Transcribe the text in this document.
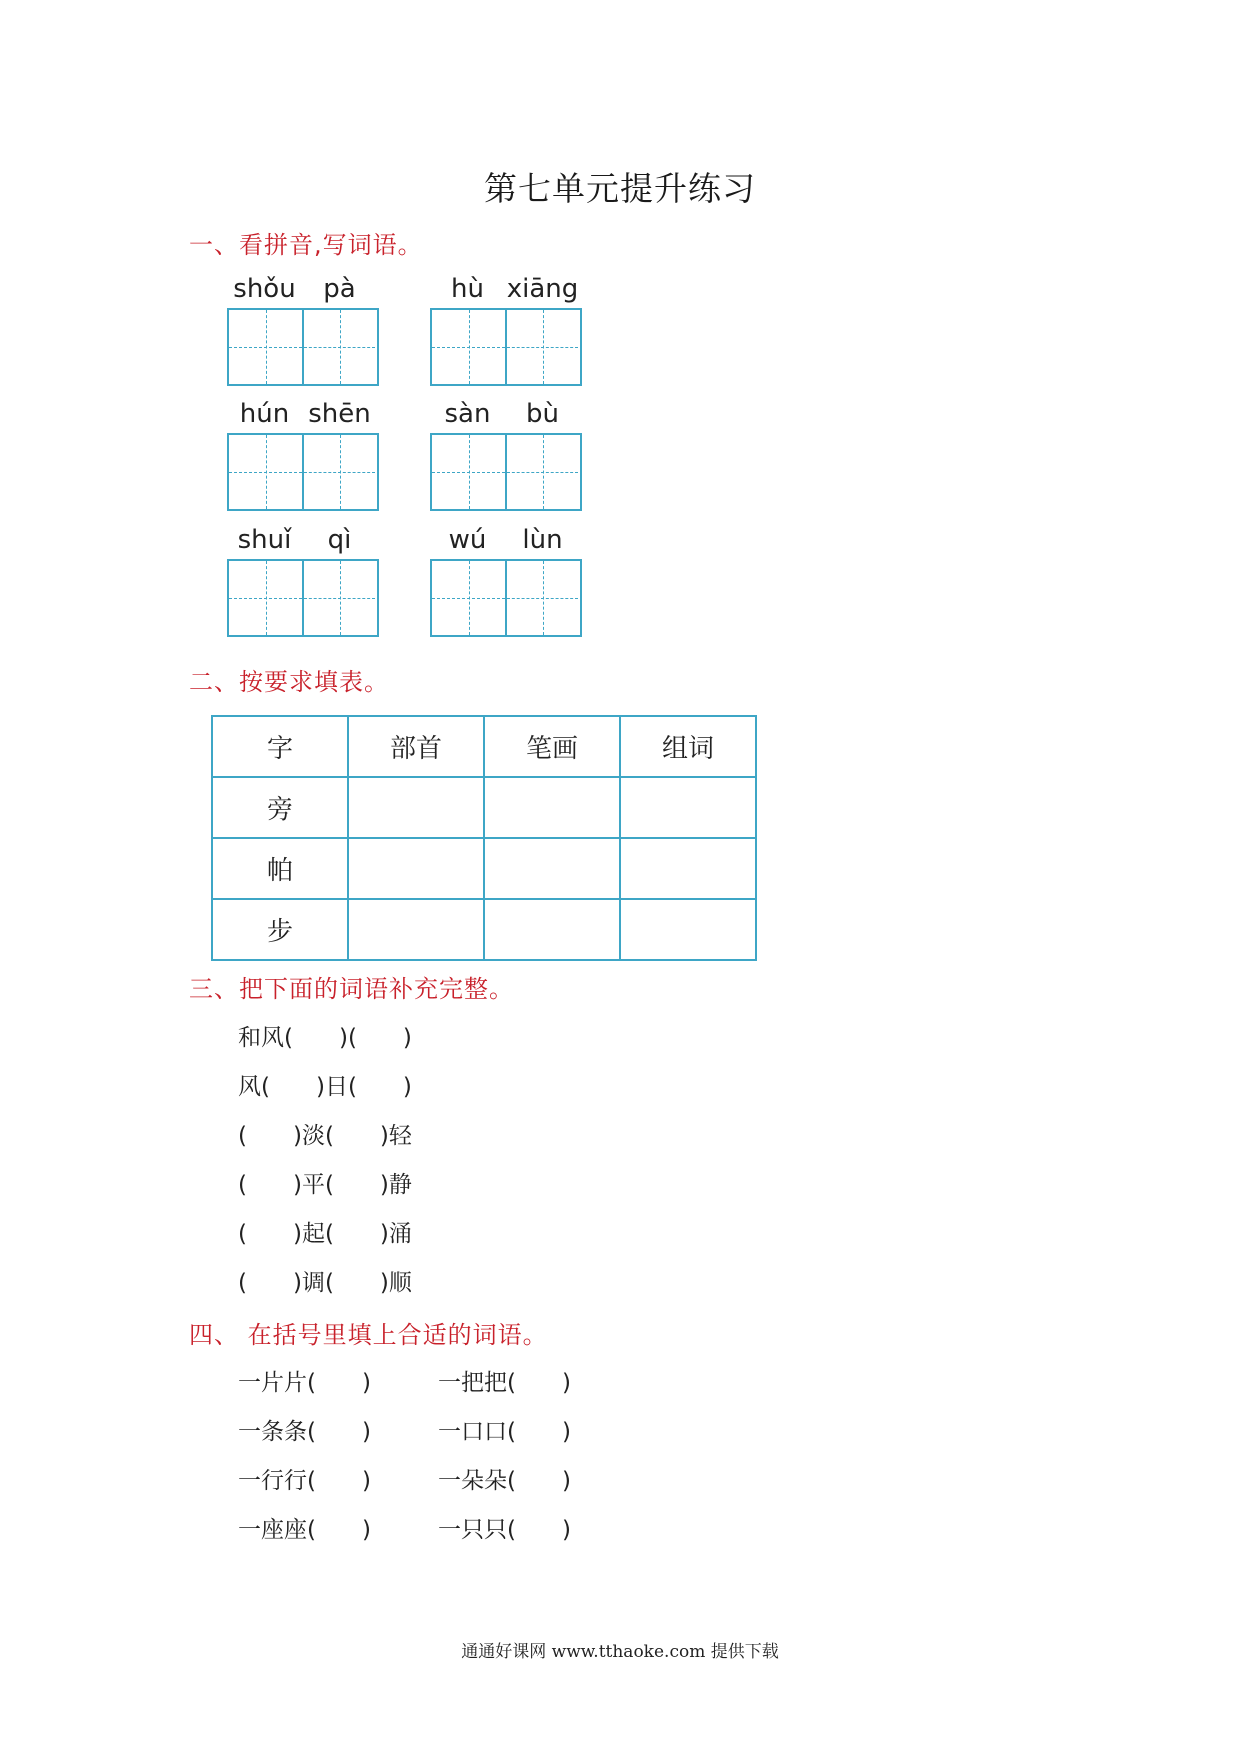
第七单元提升练习
一、看拼音,写词语。
shǒu	pà	hù xiāng
hún shēn	sàn	bù
shuǐ	qì	wú	lùn
二、按要求填表。
字	部首	笔画	组词
旁			
帕			
步			
三、把下面的词语补充完整。
和风(　　)(　　)
风(　　)日(　　)
(　　)淡(　　)轻
(　　)平(　　)静
(　　)起(　　)涌
(　　)调(　　)顺
四、 在括号里填上合适的词语。
一片片(　　)	一把把(　　)
一条条(　　)	一口口(　　)
一行行(　　)	一朵朵(　　)
一座座(　　)	一只只(　　)
通通好课网 www.tthaoke.com 提供下载
